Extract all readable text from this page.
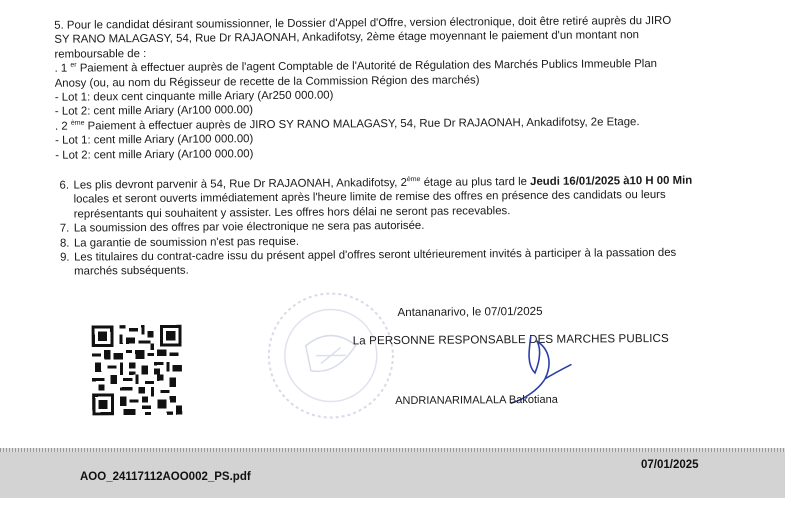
5. Pour le candidat désirant soumissionner, le Dossier d'Appel d'Offre, version électronique, doit être retiré auprès du JIRO
SY RANO MALAGASY, 54, Rue Dr RAJAONAH, Ankadifotsy, 2ème étage moyennant le paiement d'un montant non
remboursable de :
. 1 $^{er}$ Paiement à effectuer auprès de l'agent Comptable de l'Autorité de Régulation des Marchés Publics Immeuble Plan
Anosy (ou, au nom du Régisseur de recette de la Commission Région des marchés)
- Lot 1: deux cent cinquante mille Ariary (Ar250 000.00)
- Lot 2: cent mille Ariary (Ar100 000.00)
. 2 $^{ème}$ Paiement à effectuer auprès de JIRO SY RANO MALAGASY, 54, Rue Dr RAJAONAH, Ankadifotsy, 2e Etage.
- Lot 1: cent mille Ariary (Ar100 000.00)
- Lot 2: cent mille Ariary (Ar100 000.00)
6. Les plis devront parvenir à 54, Rue Dr RAJAONAH, Ankadifotsy, 2ème étage au plus tard le Jeudi 16/01/2025 à10 H 00 Min locales et seront ouverts immédiatement après l'heure limite de remise des offres en présence des candidats ou leurs représentants qui souhaitent y assister. Les offres hors délai ne seront pas recevables.
7. La soumission des offres par voie électronique ne sera pas autorisée.
8. La garantie de soumission n'est pas requise.
9. Les titulaires du contrat-cadre issu du présent appel d'offres seront ultérieurement invités à participer à la passation des marchés subséquents.
Antananarivo, le 07/01/2025
La PERSONNE RESPONSABLE DES MARCHES PUBLICS
ANDRIANARIMALALA Bakotiana
AOO_24117112AOO002_PS.pdf
07/01/2025
